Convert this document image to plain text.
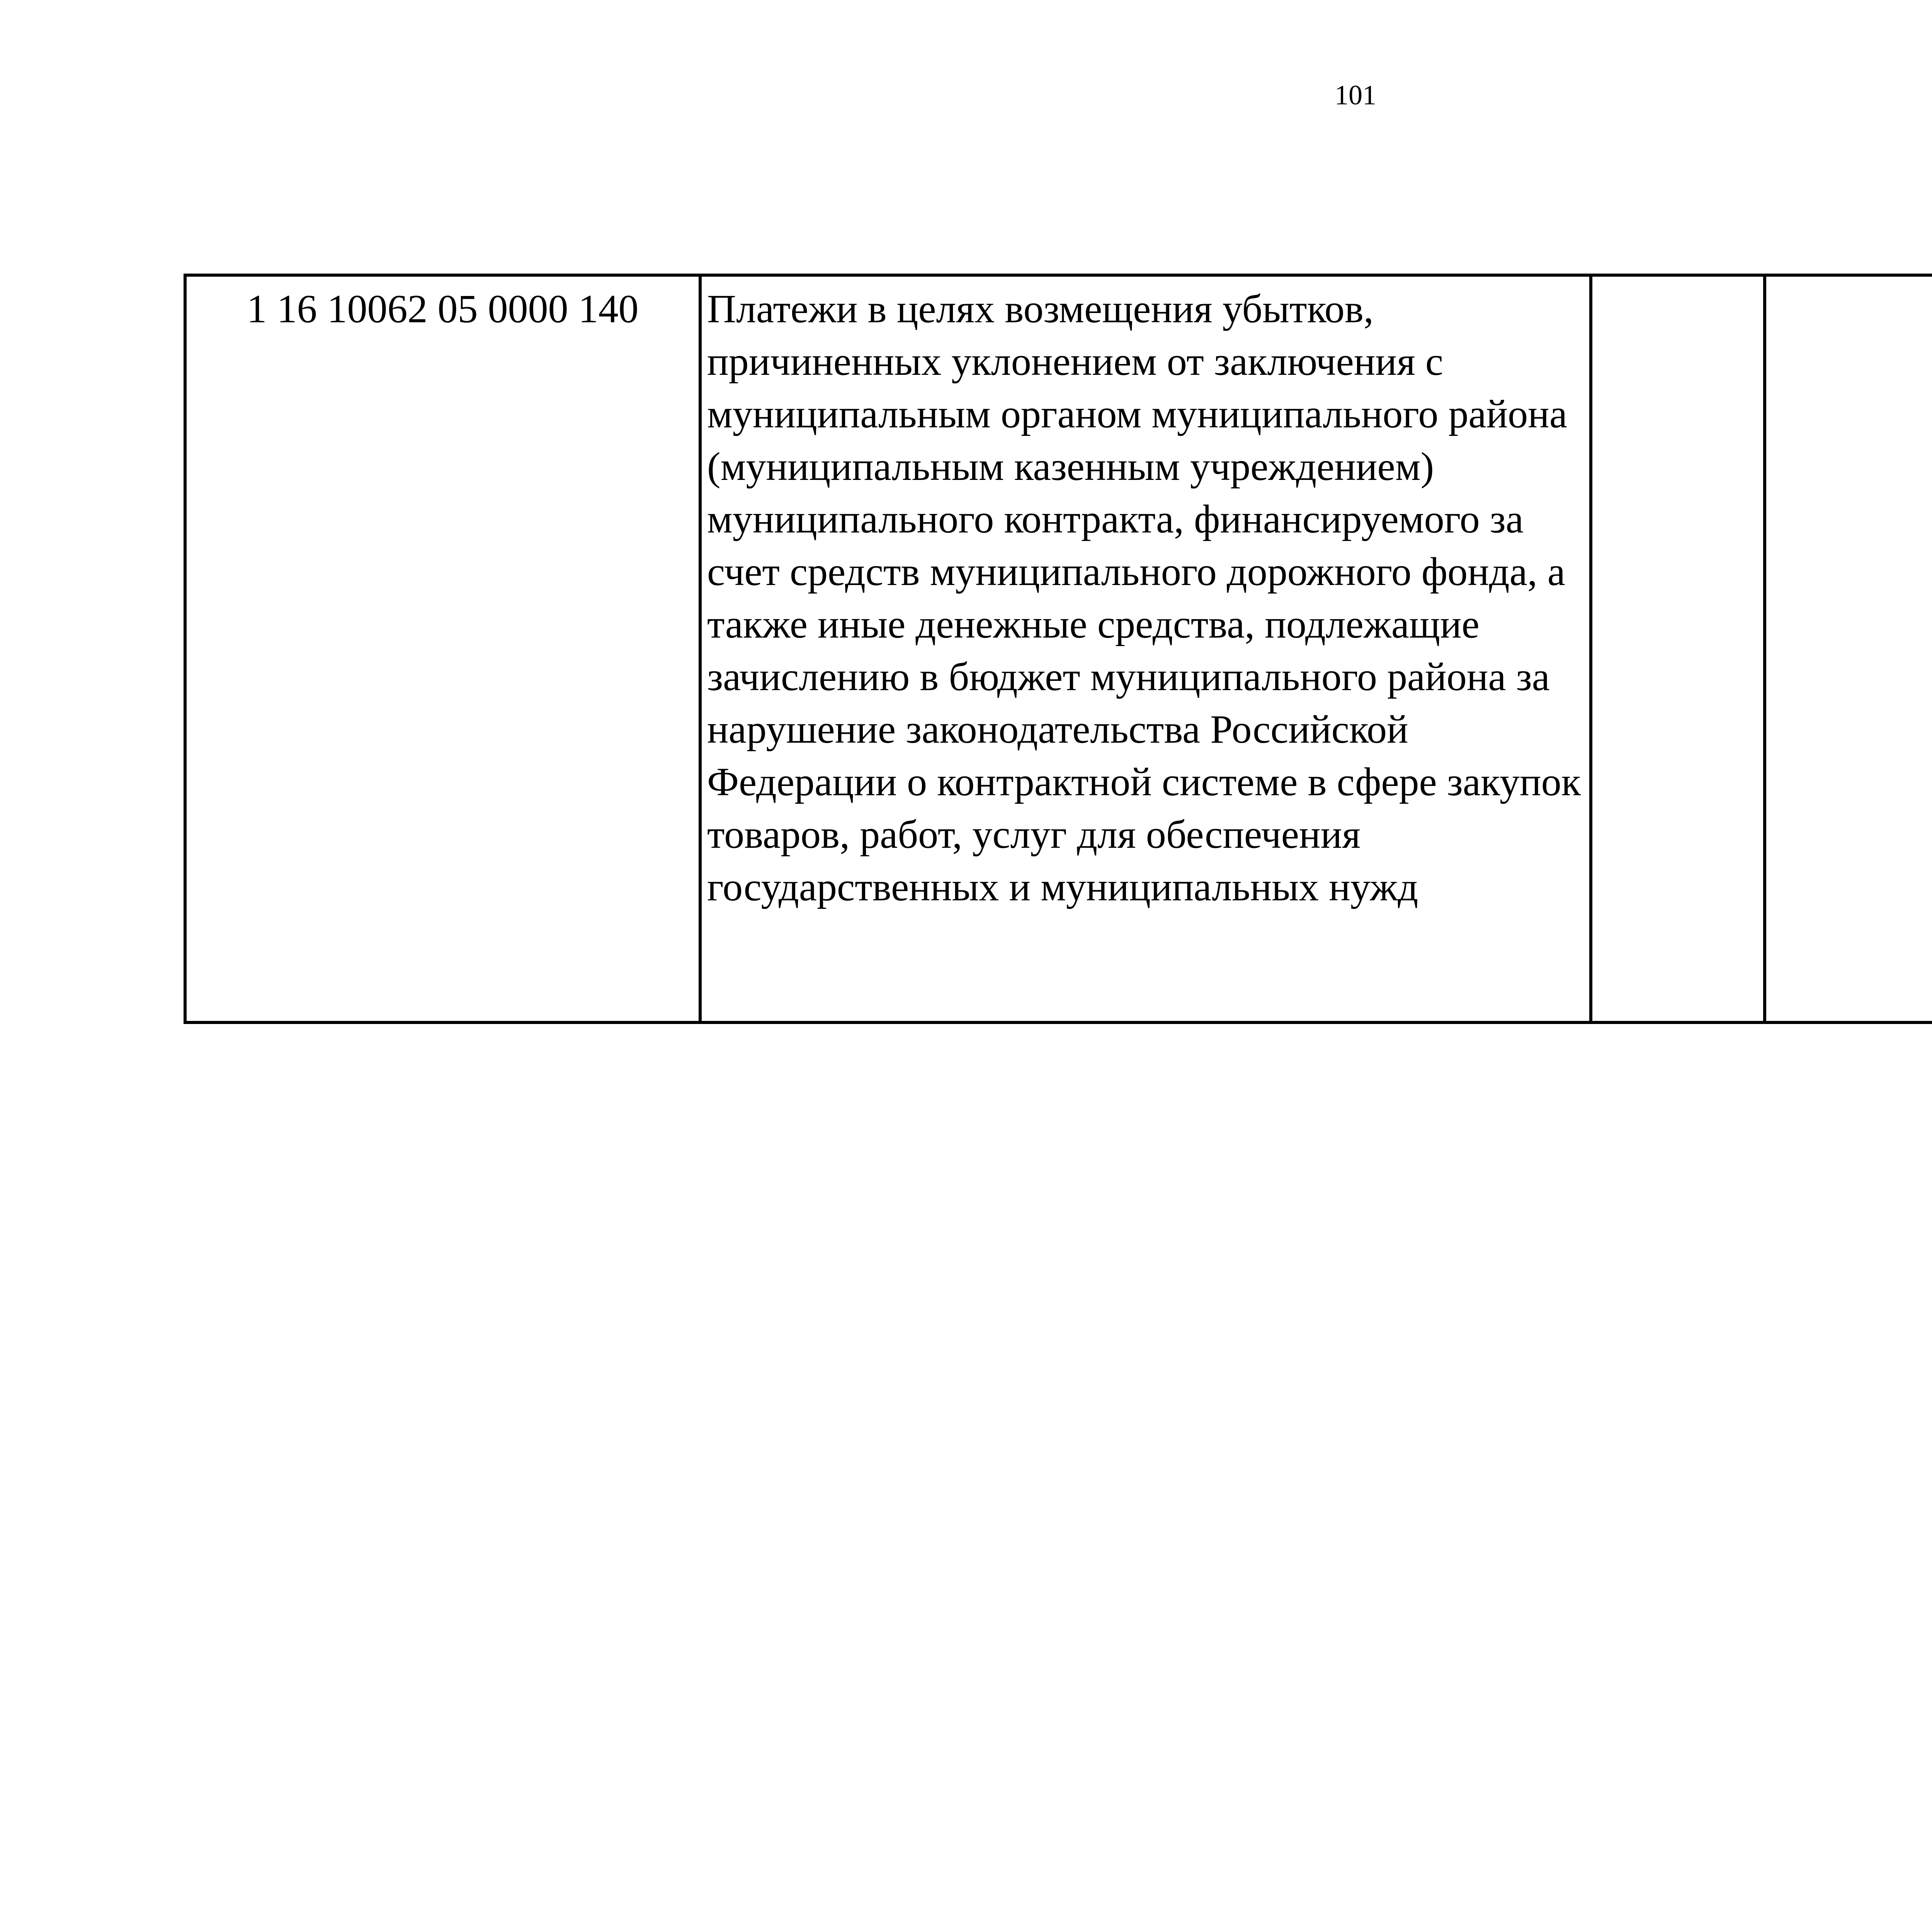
101
1 16 10062 05 0000 140	Платежи в целях возмещения убытков, причиненных уклонением от заключения с муниципальным органом муниципального района (муниципальным казенным учреждением) муниципального контракта, финансируемого за счет средств муниципального дорожного фонда, а также иные денежные средства, подлежащие зачислению в бюджет муниципального района за нарушение законодательства Российской Федерации о контрактной системе в сфере закупок товаров, работ, услуг для обеспечения государственных и муниципальных нужд					
